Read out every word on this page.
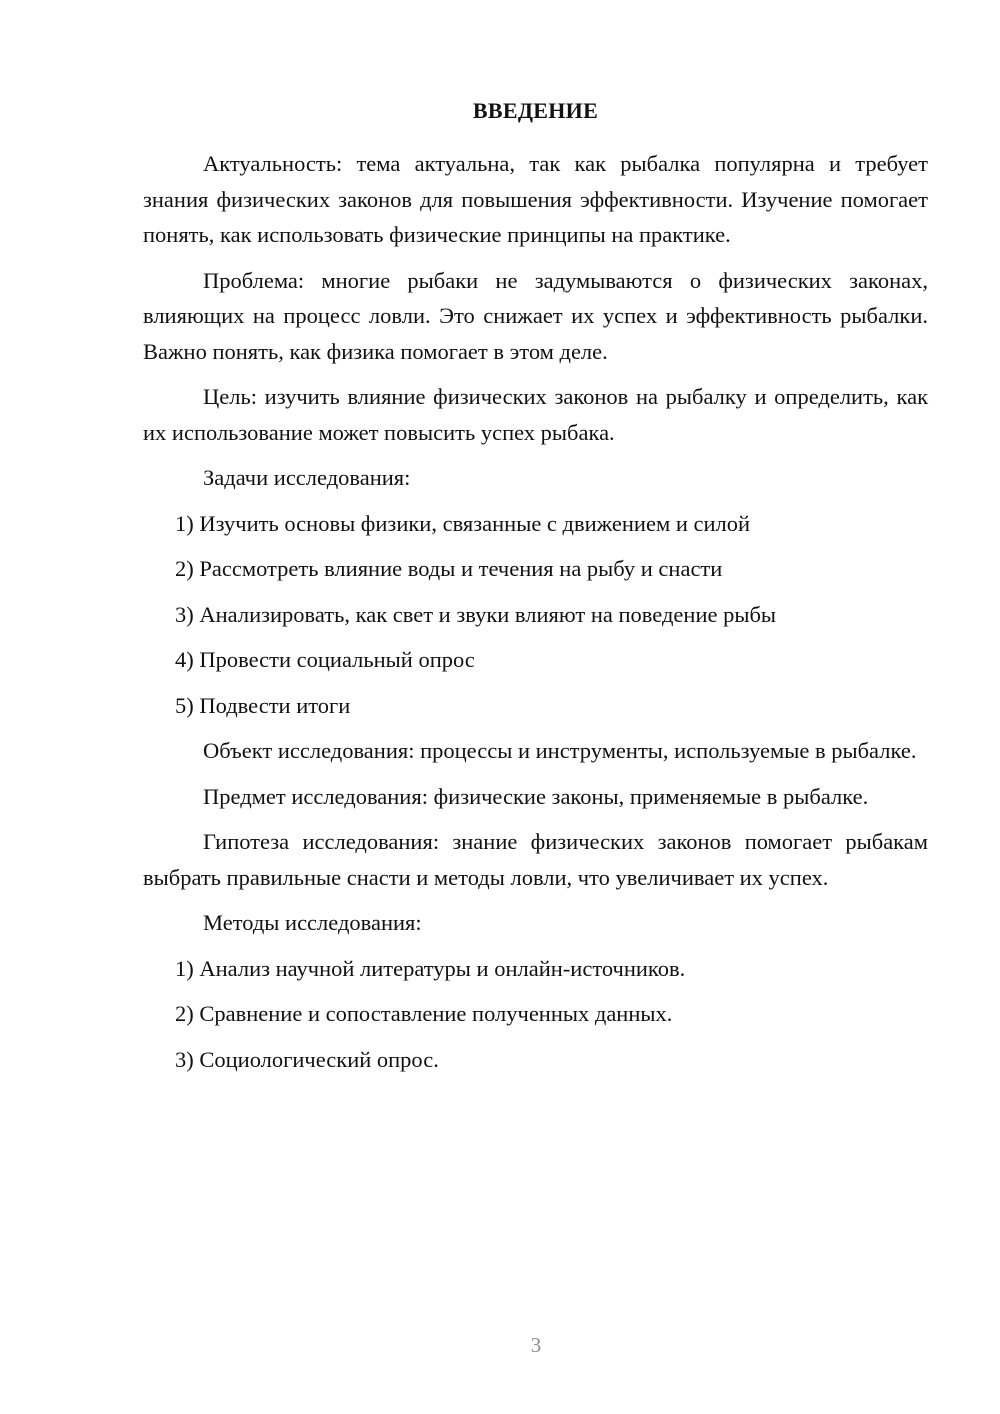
ВВЕДЕНИЕ

Актуальность: тема актуальна, так как рыбалка популярна и требует знания физических законов для повышения эффективности. Изучение помогает понять, как использовать физические принципы на практике.

Проблема: многие рыбаки не задумываются о физических законах, влияющих на процесс ловли. Это снижает их успех и эффективность рыбалки. Важно понять, как физика помогает в этом деле.

Цель: изучить влияние физических законов на рыбалку и определить, как их использование может повысить успех рыбака.

Задачи исследования:

1) Изучить основы физики, связанные с движением и силой
2) Рассмотреть влияние воды и течения на рыбу и снасти
3) Анализировать, как свет и звуки влияют на поведение рыбы
4) Провести социальный опрос
5) Подвести итоги

Объект исследования: процессы и инструменты, используемые в рыбалке.

Предмет исследования: физические законы, применяемые в рыбалке.

Гипотеза исследования: знание физических законов помогает рыбакам выбрать правильные снасти и методы ловли, что увеличивает их успех.

Методы исследования:

1) Анализ научной литературы и онлайн-источников.
2) Сравнение и сопоставление полученных данных.
3) Социологический опрос.
3
